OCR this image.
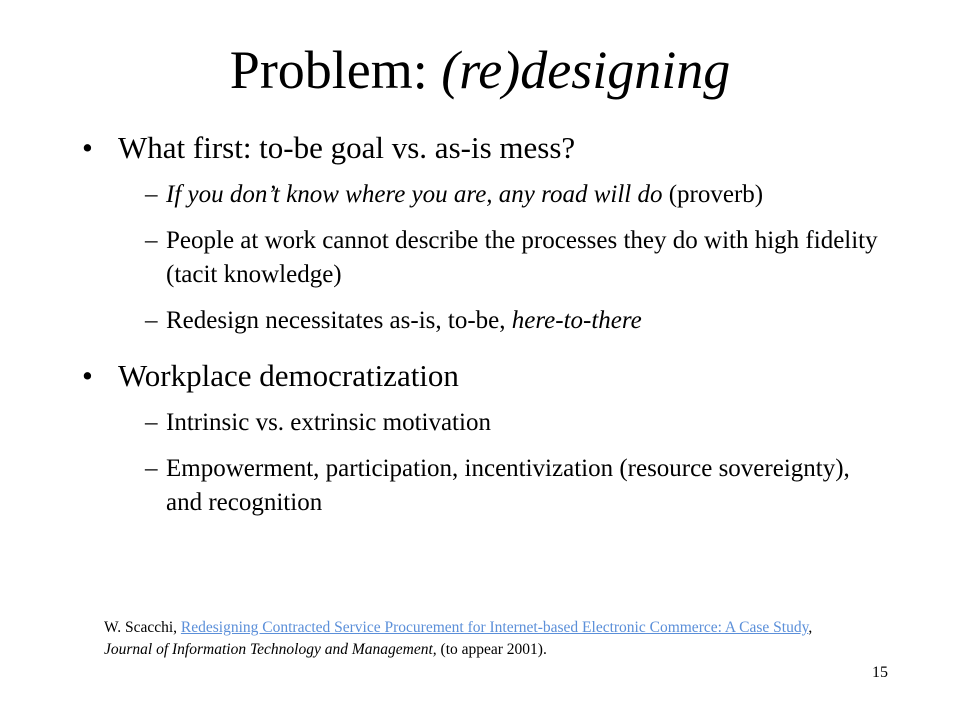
Problem: (re)designing
• What first: to-be goal vs. as-is mess?
– If you don’t know where you are, any road will do (proverb)
– People at work cannot describe the processes they do with high fidelity (tacit knowledge)
– Redesign necessitates as-is, to-be, here-to-there
• Workplace democratization
– Intrinsic vs. extrinsic motivation
– Empowerment, participation, incentivization (resource sovereignty), and recognition
W. Scacchi, Redesigning Contracted Service Procurement for Internet-based Electronic Commerce: A Case Study, Journal of Information Technology and Management, (to appear 2001).
15
